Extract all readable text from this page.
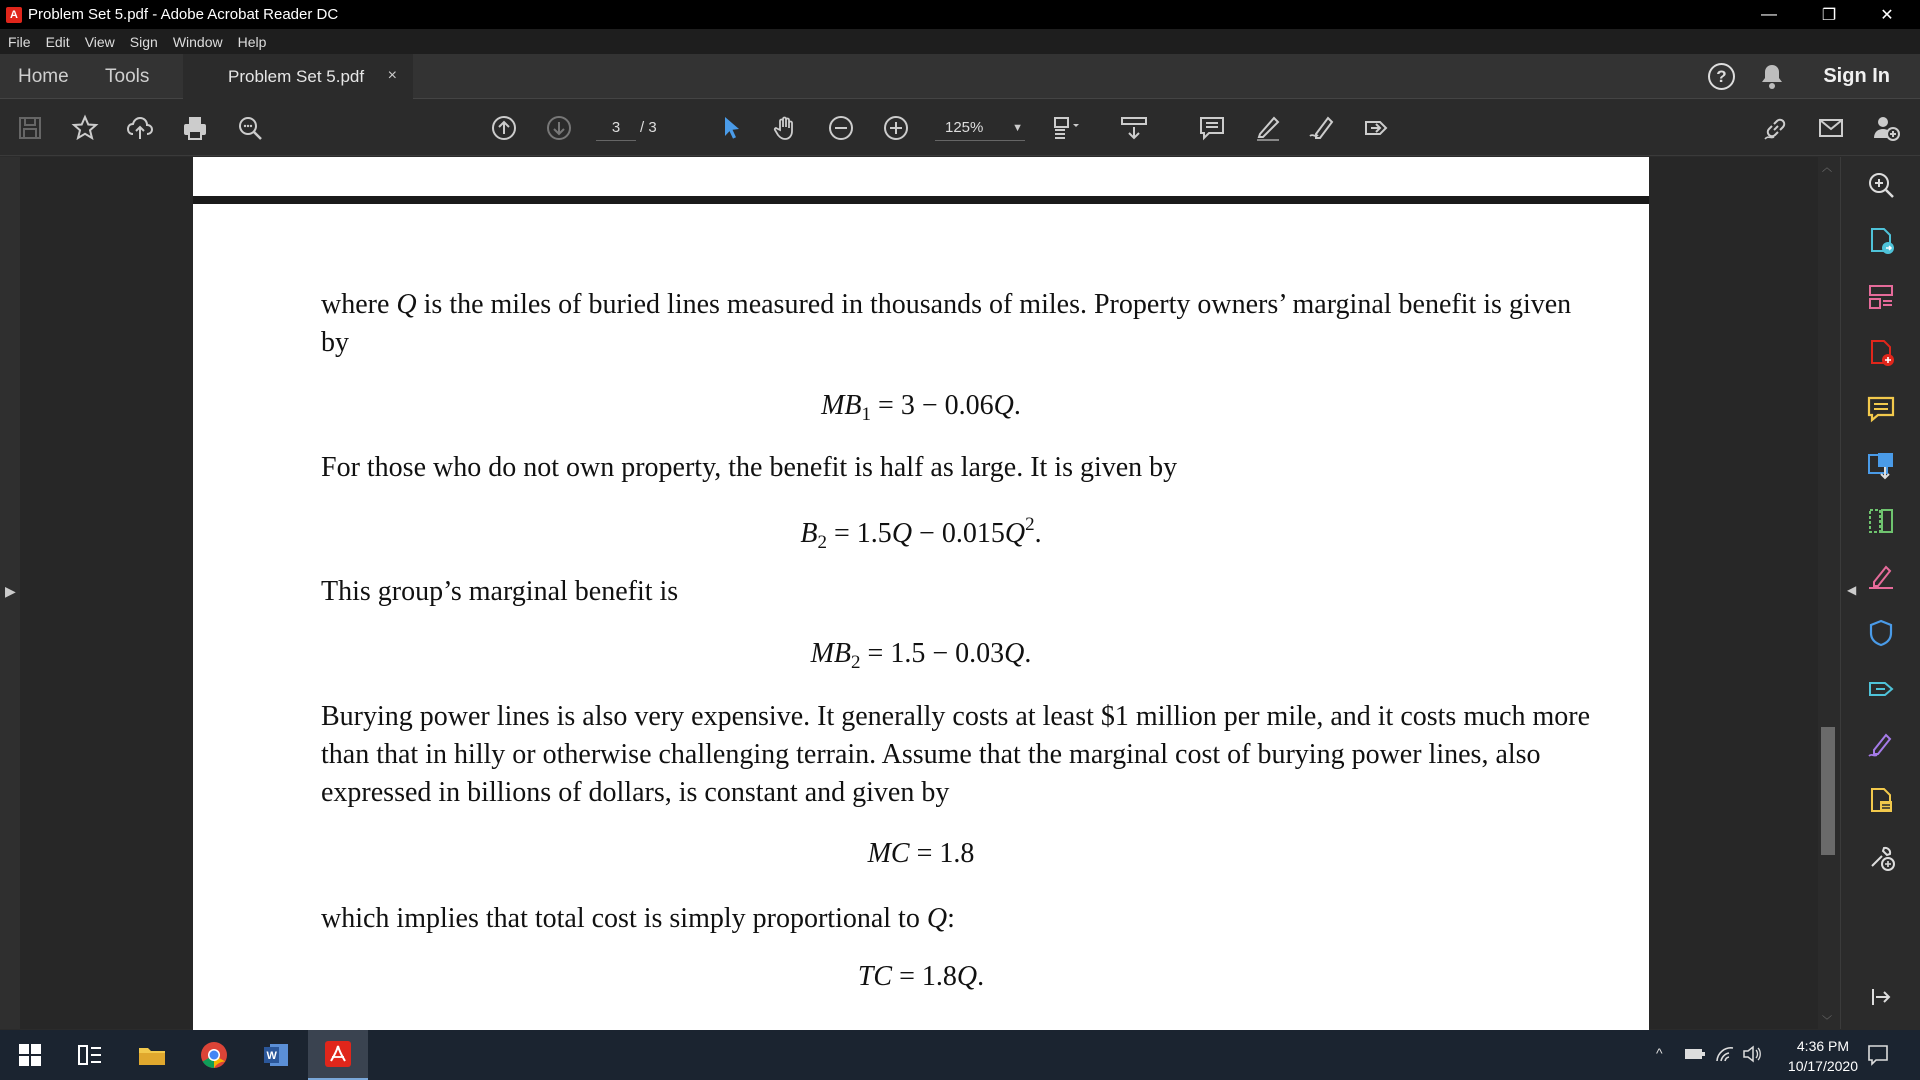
A Problem Set 5.pdf - Adobe Acrobat Reader DC	—	❐	✕
File Edit View Sign Window Help
Home Tools	Problem Set 5.pdf ×	?	Sign In
3	/ 3	125%	▼
▶
where Q is the miles of buried lines measured in thousands of miles. Property owners’ marginal benefit is given by
$MB_1 = 3 - 0.06Q$.
For those who do not own property, the benefit is half as large. It is given by
$B_2 = 1.5Q - 0.015Q^2$.
This group’s marginal benefit is
$MB_2 = 1.5 - 0.03Q$.
Burying power lines is also very expensive. It generally costs at least $1 million per mile, and it costs much more than that in hilly or otherwise challenging terrain. Assume that the marginal cost of burying power lines, also expressed in billions of dollars, is constant and given by
MC = 1.8
which implies that total cost is simply proportional to Q:
TC = 1.8Q.
︿
﹀
◀
W	^	4:36 PM
10/17/2020
